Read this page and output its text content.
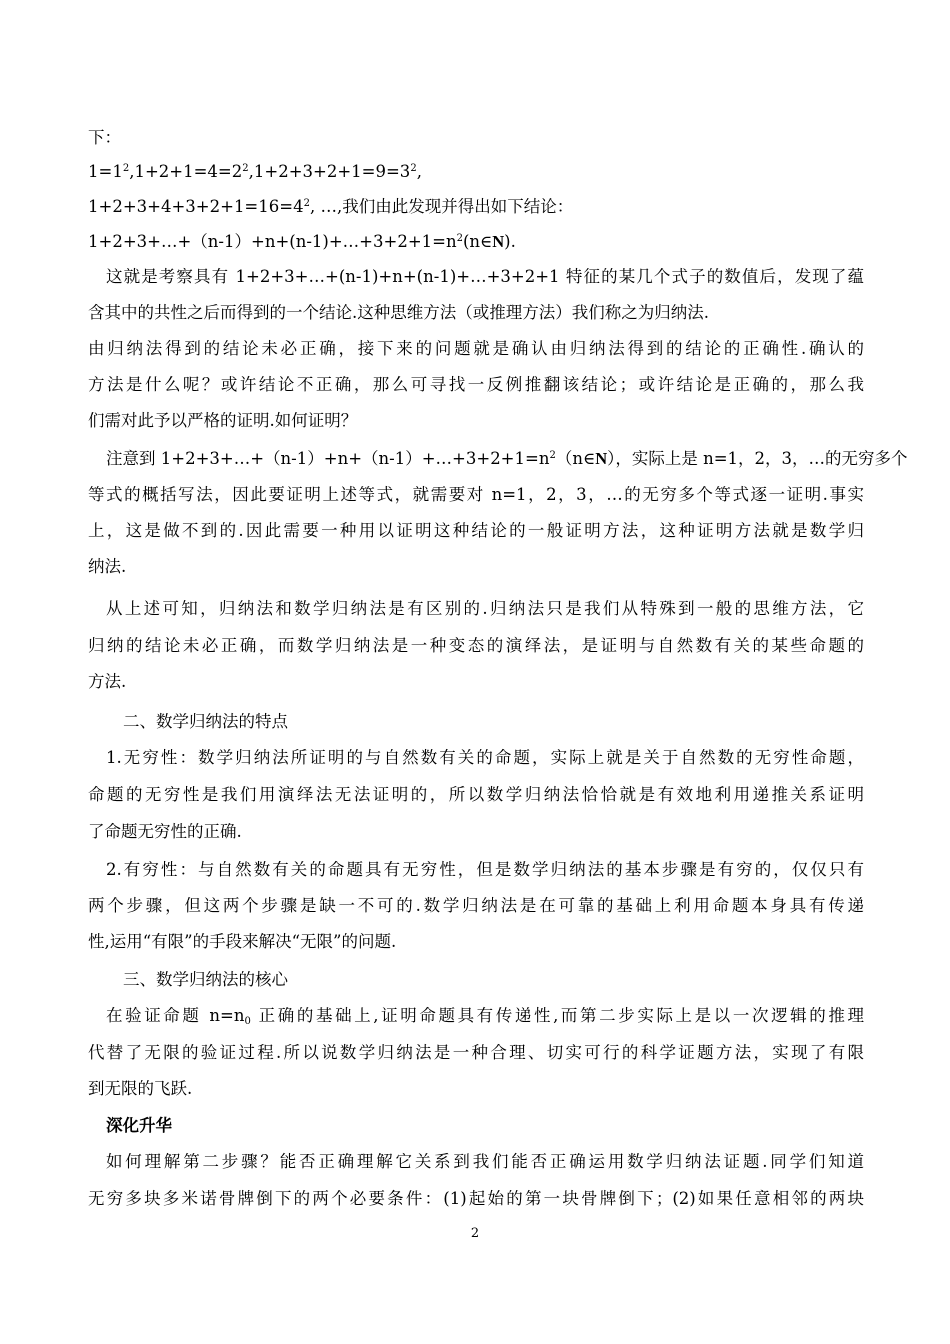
下：
$1=1^2,1+2+1=4=2^2,1+2+3+2+1=9=3^2$,
$1+2+3+4+3+2+1=16=4^2$, …,我们由此发现并得出如下结论：
$1+2+3+\dots+(n-1)+n+(n-1)+\dots+3+2+1=n^2(n\in N)$.
这就是考察具有 1+2+3+…+(n-1)+n+(n-1)+…+3+2+1 特征的某几个式子的数值后，发现了蕴
含其中的共性之后而得到的一个结论.这种思维方法（或推理方法）我们称之为归纳法.
由归纳法得到的结论未必正确，接下来的问题就是确认由归纳法得到的结论的正确性.确认的
方法是什么呢？或许结论不正确，那么可寻找一反例推翻该结论；或许结论是正确的，那么我
们需对此予以严格的证明.如何证明？
注意到 $1+2+3+\dots+(n-1)+n+(n-1)+\dots+3+2+1=n^2(n\in N)$，实际上是 n=1，2，3，…的无穷多个
等式的概括写法，因此要证明上述等式，就需要对 n=1，2，3，…的无穷多个等式逐一证明.事实
上，这是做不到的.因此需要一种用以证明这种结论的一般证明方法，这种证明方法就是数学归
纳法.
从上述可知，归纳法和数学归纳法是有区别的.归纳法只是我们从特殊到一般的思维方法，它
归纳的结论未必正确，而数学归纳法是一种变态的演绎法，是证明与自然数有关的某些命题的
方法.
二、数学归纳法的特点
1.无穷性：数学归纳法所证明的与自然数有关的命题，实际上就是关于自然数的无穷性命题，
命题的无穷性是我们用演绎法无法证明的，所以数学归纳法恰恰就是有效地利用递推关系证明
了命题无穷性的正确.
2.有穷性：与自然数有关的命题具有无穷性，但是数学归纳法的基本步骤是有穷的，仅仅只有
两个步骤，但这两个步骤是缺一不可的.数学归纳法是在可靠的基础上利用命题本身具有传递
性,运用“有限”的手段来解决“无限”的问题.
三、数学归纳法的核心
在验证命题 $n=n_0$ 正确的基础上,证明命题具有传递性,而第二步实际上是以一次逻辑的推理
代替了无限的验证过程.所以说数学归纳法是一种合理、切实可行的科学证题方法，实现了有限
到无限的飞跃.
深化升华
如何理解第二步骤？能否正确理解它关系到我们能否正确运用数学归纳法证题.同学们知道
无穷多块多米诺骨牌倒下的两个必要条件：(1)起始的第一块骨牌倒下；(2)如果任意相邻的两块
2
